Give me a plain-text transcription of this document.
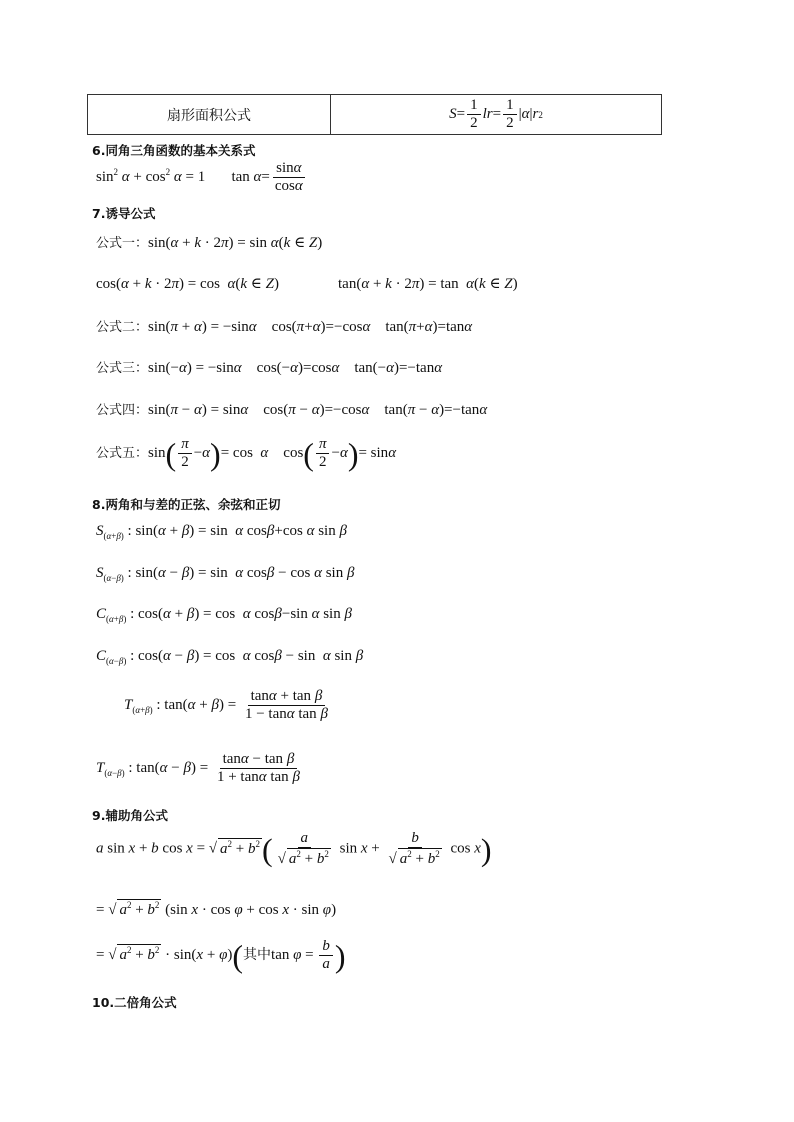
扇形面积公式	S =
1
2
lr =
1
2
| α | r 2
6.同角三角函数的基本关系式
$\sin^2 \alpha + \cos^2 \alpha = 1$       $\tan \alpha= \frac{\sin\alpha}{\cos\alpha}$
7.诱导公式
公式一：sin(α + k · 2π) = sin α(k ∈ Z)
cos(α + k · 2π) = cos  α(k ∈ Z)	tan(α + k · 2π) = tan  α(k ∈ Z)
公式二：sin(π + α) = −sinα    cos(π+α)=−cosα    tan(π+α)=tanα
公式三：sin(−α) = −sinα    cos(−α)=cosα    tan(−α)=−tanα
公式四：sin(π − α) = sinα    cos(π − α)=−cosα    tan(π − α)=−tanα
公式五：$\sin( \frac{\pi}{2} -\alpha)= \cos \alpha$    $\cos( \frac{\pi}{2} -\alpha)= \sin\alpha$
8.两角和与差的正弦、余弦和正切
$S_{(\alpha+\beta)}$ : sin(α + β) = sin  α cosβ+cos α sin β
$S_{(\alpha-\beta)}$ : sin(α − β) = sin  α cosβ − cos α sin β
$C_{(\alpha+\beta)}$ : cos(α + β) = cos  α cosβ−sin α sin β
$C_{(\alpha-\beta)}$ : cos(α − β) = cos  α cosβ − sin  α sin β
$T_{(\alpha+\beta)}$ : $\tan(\alpha + \beta) = \frac{\text{tanα + tan β}}{\text{1 − tanα tan β}}$
$T_{(\alpha-\beta)}$ : $\tan(\alpha - \beta) = \frac{\text{tanα − tan β}}{\text{1 + tanα tan β}}$
9.辅助角公式
a sin x + b cos x = √ $a^2 + b^2( \frac{a}{√ a^2 + b^2}$ $\sin x + \frac{b}{√ a^2 + b^2}$ cos x)
= √ $a^2 + b^2$ (sin x · cos φ + cos x · sin φ)
= √ $a^2 + b^2 \cdot \sin(x + \varphi)$(其中$\tan \varphi = \frac{b}{a}$ )
10.二倍角公式
